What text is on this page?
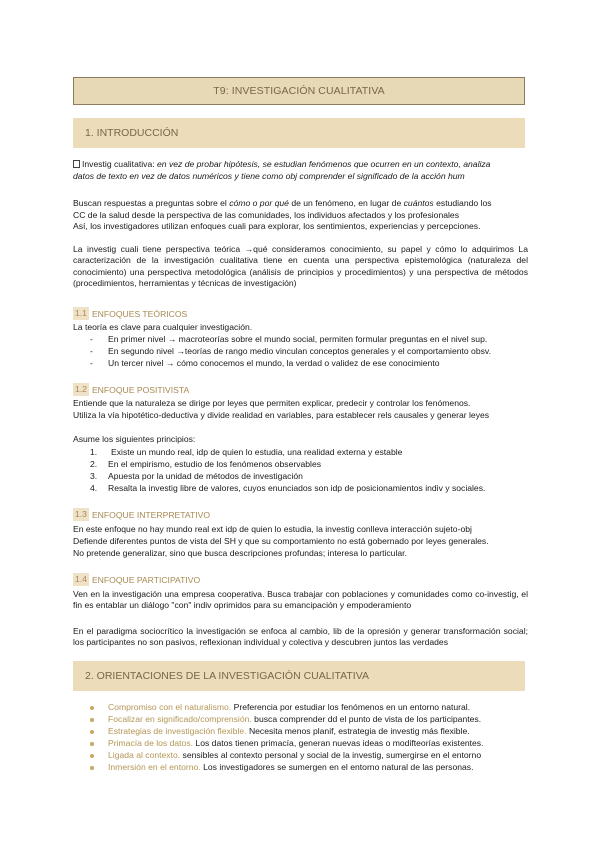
T9: INVESTIGACIÓN CUALITATIVA
1. INTRODUCCIÓN
Investig cualitativa: en vez de probar hipótesis, se estudian fenómenos que ocurren en un contexto, analiza
datos de texto en vez de datos numéricos y tiene como obj comprender el significado de la acción hum
Buscan respuestas a preguntas sobre el cómo o por qué de un fenómeno, en lugar de cuántos estudiando los
CC de la salud desde la perspectiva de las comunidades, los individuos afectados y los profesionales
Así, los investigadores utilizan enfoques cuali para explorar, los sentimientos, experiencias y percepciones.

La investig cuali tiene perspectiva teórica →qué consideramos conocimiento, su papel y cómo lo adquirimos La caracterización de la investigación cualitativa tiene en cuenta una perspectiva epistemológica (naturaleza del conocimiento) una perspectiva metodológica (análisis de principios y procedimientos) y una perspectiva de métodos (procedimientos, herramientas y técnicas de investigación)

1.1 ENFOQUES TEÓRICOS
La teoría es clave para cualquier investigación.
- En primer nivel → macroteorías sobre el mundo social, permiten formular preguntas en el nivel sup.
- En segundo nivel →teorías de rango medio vinculan conceptos generales y el comportamiento obsv.
- Un tercer nivel → cómo conocemos el mundo, la verdad o validez de ese conocimiento
1.2 ENFOQUE POSITIVISTA
Entiende que la naturaleza se dirige por leyes que permiten explicar, predecir y controlar los fenómenos.
Utiliza la vía hipotético-deductiva y divide realidad en variables, para establecer rels causales y generar leyes
Asume los siguientes principios:
1. Existe un mundo real, idp de quien lo estudia, una realidad externa y estable
2. En el empirismo, estudio de los fenómenos observables
3. Apuesta por la unidad de métodos de investigación
4. Resalta la investig libre de valores, cuyos enunciados son idp de posicionamientos indiv y sociales.
1.3 ENFOQUE INTERPRETATIVO
En este enfoque no hay mundo real ext idp de quien lo estudia, la investig conlleva interacción sujeto-obj
Defiende diferentes puntos de vista del SH y que su comportamiento no está gobernado por leyes generales.
No pretende generalizar, sino que busca descripciones profundas; interesa lo particular.
1.4 ENFOQUE PARTICIPATIVO

Ven en la investigación una empresa cooperativa. Busca trabajar con poblaciones y comunidades como co-investig, el fin es entablar un diálogo "con" indiv oprimidos para su emancipación y empoderamiento

En el paradigma sociocrítico la investigación se enfoca al cambio, lib de la opresión y generar transformación social; los participantes no son pasivos, reflexionan individual y colectiva y descubren juntos las verdades

2. ORIENTACIONES DE LA INVESTIGACIÓN CUALITATIVA
Compromiso con el naturalismo. Preferencia por estudiar los fenómenos en un entorno natural.
Focalizar en significado/comprensión. busca comprender dd el punto de vista de los participantes.
Estrategias de investigación flexible. Necesita menos planif, estrategia de investig más flexible.
Primacía de los datos. Los datos tienen primacía, generan nuevas ideas o modifteorías existentes.
Ligada al contexto. sensibles al contexto personal y social de la investig, sumergirse en el entorno
Inmersión en el entorno. Los investigadores se sumergen en el entorno natural de las personas.
